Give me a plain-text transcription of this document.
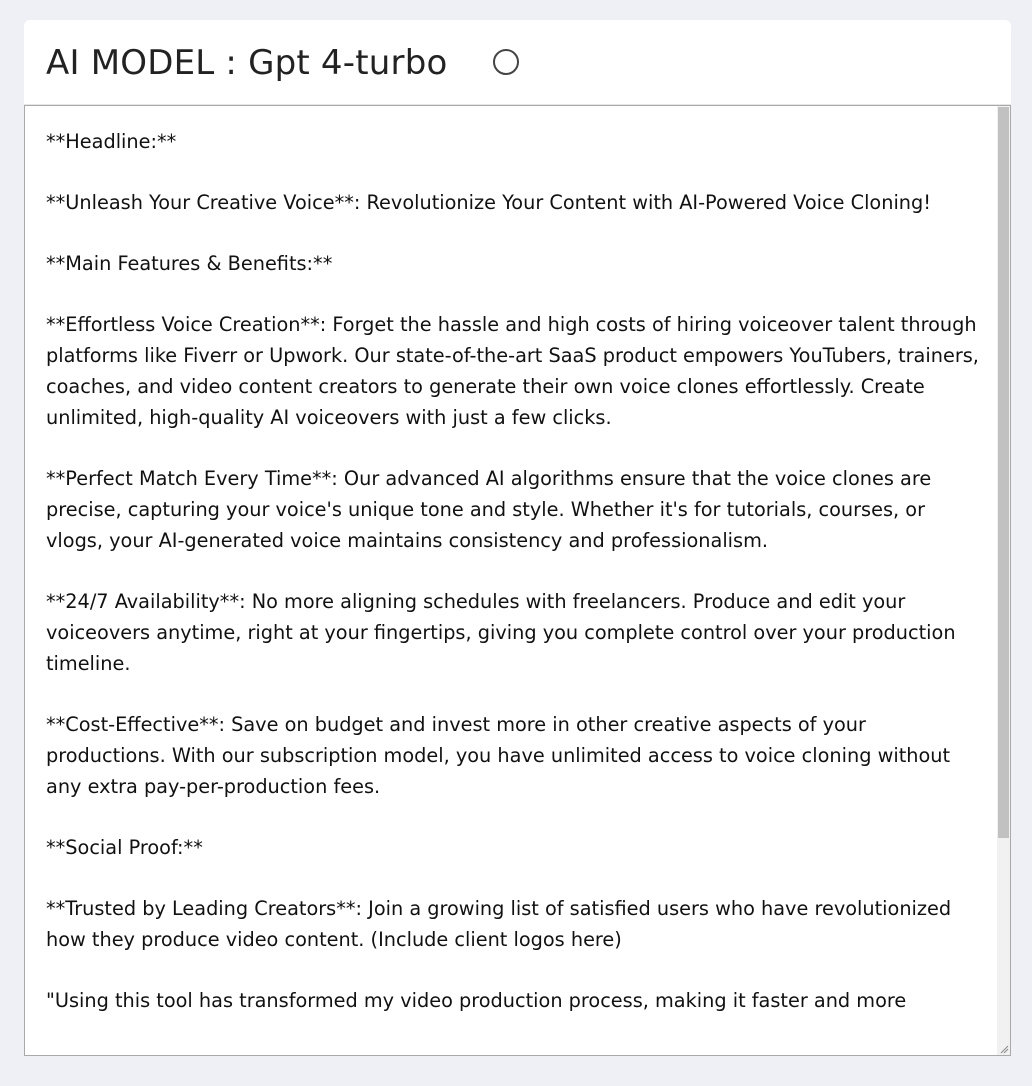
AI MODEL : Gpt 4-turbo

**Headline:**

**Unleash Your Creative Voice**: Revolutionize Your Content with AI-Powered Voice Cloning!

**Main Features & Benefits:**

**Effortless Voice Creation**: Forget the hassle and high costs of hiring voiceover talent through platforms like Fiverr or Upwork. Our state-of-the-art SaaS product empowers YouTubers, trainers, coaches, and video content creators to generate their own voice clones effortlessly. Create unlimited, high-quality AI voiceovers with just a few clicks.

**Perfect Match Every Time**: Our advanced AI algorithms ensure that the voice clones are precise, capturing your voice's unique tone and style. Whether it's for tutorials, courses, or vlogs, your AI-generated voice maintains consistency and professionalism.

**24/7 Availability**: No more aligning schedules with freelancers. Produce and edit your voiceovers anytime, right at your fingertips, giving you complete control over your production timeline.

**Cost-Effective**: Save on budget and invest more in other creative aspects of your productions. With our subscription model, you have unlimited access to voice cloning without any extra pay-per-production fees.

**Social Proof:**

**Trusted by Leading Creators**: Join a growing list of satisfied users who have revolutionized how they produce video content. (Include client logos here)

"Using this tool has transformed my video production process, making it faster and more
